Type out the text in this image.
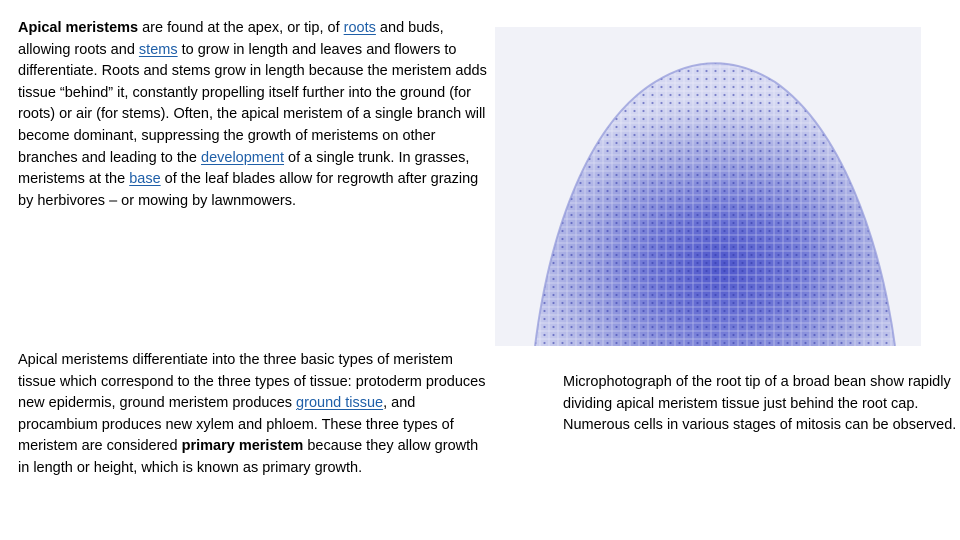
Apical meristems are found at the apex, or tip, of roots and buds, allowing roots and stems to grow in length and leaves and flowers to differentiate. Roots and stems grow in length because the meristem adds tissue “behind” it, constantly propelling itself further into the ground (for roots) or air (for stems). Often, the apical meristem of a single branch will become dominant, suppressing the growth of meristems on other branches and leading to the development of a single trunk. In grasses, meristems at the base of the leaf blades allow for regrowth after grazing by herbivores – or mowing by lawnmowers.

Apical meristems differentiate into the three basic types of meristem tissue which correspond to the three types of tissue: protoderm produces new epidermis, ground meristem produces ground tissue, and procambium produces new xylem and phloem. These three types of meristem are considered primary meristem because they allow growth in length or height, which is known as primary growth.

Microphotograph of the root tip of a broad bean show rapidly dividing apical meristem tissue just behind the root cap. Numerous cells in various stages of mitosis can be observed.
